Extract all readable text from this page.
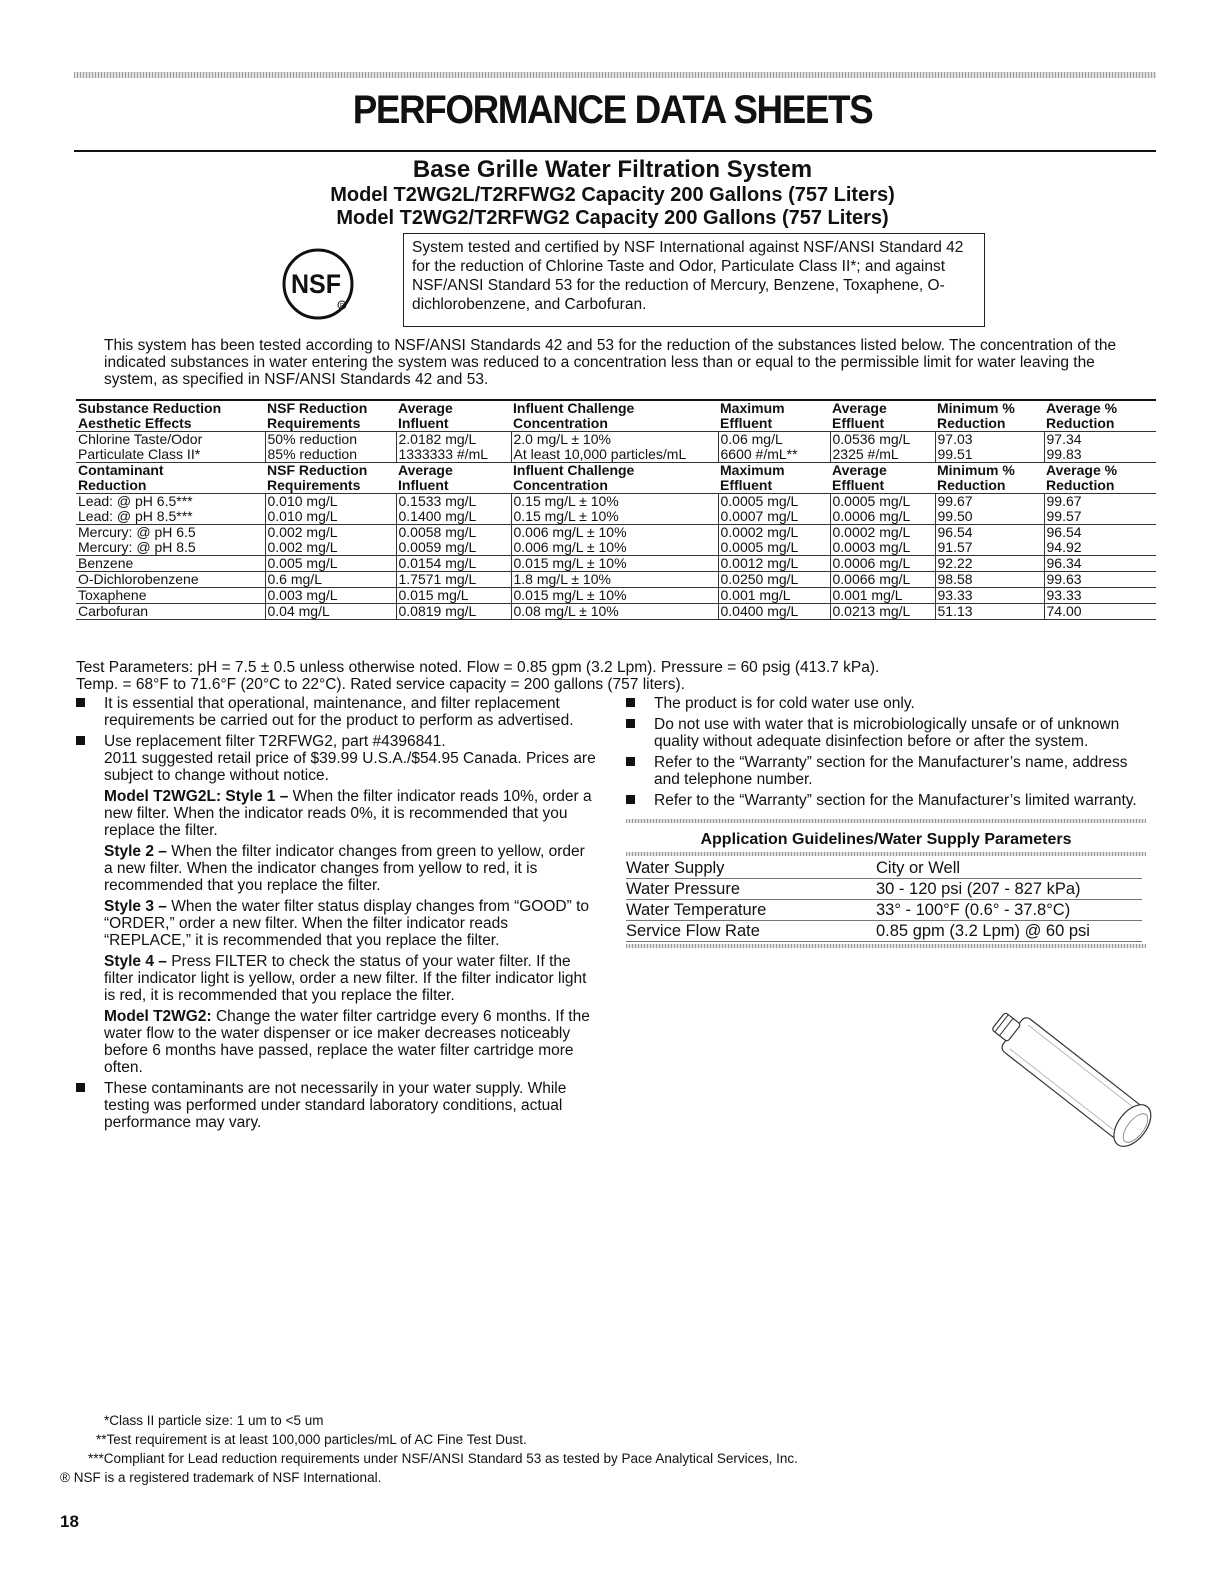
PERFORMANCE DATA SHEETS
Base Grille Water Filtration System
Model T2WG2L/T2RFWG2 Capacity 200 Gallons (757 Liters)
Model T2WG2/T2RFWG2 Capacity 200 Gallons (757 Liters)
NSF
R
System tested and certified by NSF International against NSF/ANSI Standard 42 for the reduction of Chlorine Taste and Odor, Particulate Class II*; and against NSF/ANSI Standard 53 for the reduction of Mercury, Benzene, Toxaphene, O-dichlorobenzene, and Carbofuran.
This system has been tested according to NSF/ANSI Standards 42 and 53 for the reduction of the substances listed below. The concentration of the indicated substances in water entering the system was reduced to a concentration less than or equal to the permissible limit for water leaving the system, as specified in NSF/ANSI Standards 42 and 53.
Substance Reduction	NSF Reduction	Average	Influent Challenge	Maximum	Average	Minimum %	Average %
Aesthetic Effects	Requirements	Influent	Concentration	Effluent	Effluent	Reduction	Reduction
Chlorine Taste/Odor	50% reduction	2.0182 mg/L	2.0 mg/L ± 10%	0.06 mg/L	0.0536 mg/L	97.03	97.34
Particulate Class II*	85% reduction	1333333 #/mL	At least 10,000 particles/mL	6600 #/mL**	2325 #/mL	99.51	99.83
Contaminant	NSF Reduction	Average	Influent Challenge	Maximum	Average	Minimum %	Average %
Reduction	Requirements	Influent	Concentration	Effluent	Effluent	Reduction	Reduction
Lead: @ pH 6.5***	0.010 mg/L	0.1533 mg/L	0.15 mg/L ± 10%	0.0005 mg/L	0.0005 mg/L	99.67	99.67
Lead: @ pH 8.5***	0.010 mg/L	0.1400 mg/L	0.15 mg/L ± 10%	0.0007 mg/L	0.0006 mg/L	99.50	99.57
Mercury: @ pH 6.5	0.002 mg/L	0.0058 mg/L	0.006 mg/L ± 10%	0.0002 mg/L	0.0002 mg/L	96.54	96.54
Mercury: @ pH 8.5	0.002 mg/L	0.0059 mg/L	0.006 mg/L ± 10%	0.0005 mg/L	0.0003 mg/L	91.57	94.92
Benzene	0.005 mg/L	0.0154 mg/L	0.015 mg/L ± 10%	0.0012 mg/L	0.0006 mg/L	92.22	96.34
O-Dichlorobenzene	0.6 mg/L	1.7571 mg/L	1.8 mg/L ± 10%	0.0250 mg/L	0.0066 mg/L	98.58	99.63
Toxaphene	0.003 mg/L	0.015 mg/L	0.015 mg/L ± 10%	0.001 mg/L	0.001 mg/L	93.33	93.33
Carbofuran	0.04 mg/L	0.0819 mg/L	0.08 mg/L ± 10%	0.0400 mg/L	0.0213 mg/L	51.13	74.00
Test Parameters: pH = 7.5 ± 0.5 unless otherwise noted. Flow = 0.85 gpm (3.2 Lpm). Pressure = 60 psig (413.7 kPa).
Temp. = 68°F to 71.6°F (20°C to 22°C). Rated service capacity = 200 gallons (757 liters).

It is essential that operational, maintenance, and filter replacement requirements be carried out for the product to perform as advertised.

Use replacement filter T2RFWG2, part #4396841.

2011 suggested retail price of $39.99 U.S.A./$54.95 Canada. Prices are subject to change without notice.

Model T2WG2L: Style 1 – When the filter indicator reads 10%, order a new filter. When the indicator reads 0%, it is recommended that you replace the filter.

Style 2 – When the filter indicator changes from green to yellow, order a new filter. When the indicator changes from yellow to red, it is recommended that you replace the filter.

Style 3 – When the water filter status display changes from “GOOD” to “ORDER,” order a new filter. When the filter indicator reads “REPLACE,” it is recommended that you replace the filter.

Style 4 – Press FILTER to check the status of your water filter. If the filter indicator light is yellow, order a new filter. If the filter indicator light is red, it is recommended that you replace the filter.

Model T2WG2: Change the water filter cartridge every 6 months. If the water flow to the water dispenser or ice maker decreases noticeably before 6 months have passed, replace the water filter cartridge more often.

These contaminants are not necessarily in your water supply. While testing was performed under standard laboratory conditions, actual performance may vary.

The product is for cold water use only.

Do not use with water that is microbiologically unsafe or of unknown quality without adequate disinfection before or after the system.

Refer to the “Warranty” section for the Manufacturer’s name, address and telephone number.

Refer to the “Warranty” section for the Manufacturer’s limited warranty.

Application Guidelines/Water Supply Parameters
Water Supply	City or Well
Water Pressure	30 - 120 psi (207 - 827 kPa)
Water Temperature	33° - 100°F (0.6° - 37.8°C)
Service Flow Rate	0.85 gpm (3.2 Lpm) @ 60 psi
*Class II particle size: 1 um to <5 um
**Test requirement is at least 100,000 particles/mL of AC Fine Test Dust.
***Compliant for Lead reduction requirements under NSF/ANSI Standard 53 as tested by Pace Analytical Services, Inc.
® NSF is a registered trademark of NSF International.
18
